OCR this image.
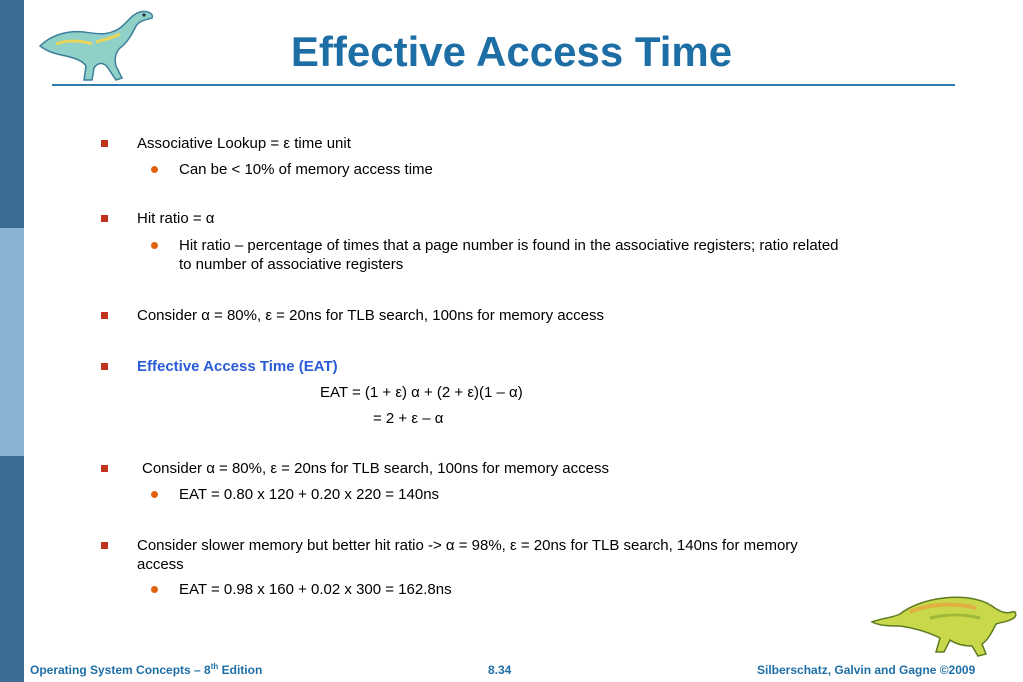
Effective Access Time
Associative Lookup = ε time unit
Can be < 10% of memory access time
Hit ratio = α
Hit ratio – percentage of times that a page number is found in the associative registers; ratio related
to number of associative registers
Consider α = 80%, ε = 20ns for TLB search, 100ns for memory access
Effective Access Time (EAT)
EAT = (1 + ε) α + (2 + ε)(1 – α)
= 2 + ε – α
Consider α = 80%, ε = 20ns for TLB search, 100ns for memory access
EAT = 0.80 x 120 + 0.20 x 220 = 140ns
Consider slower memory but better hit ratio -> α = 98%, ε = 20ns for TLB search, 140ns for memory
access
EAT = 0.98 x 160 + 0.02 x 300 = 162.8ns
Operating System Concepts – 8th Edition	8.34	Silberschatz, Galvin and Gagne ©2009
